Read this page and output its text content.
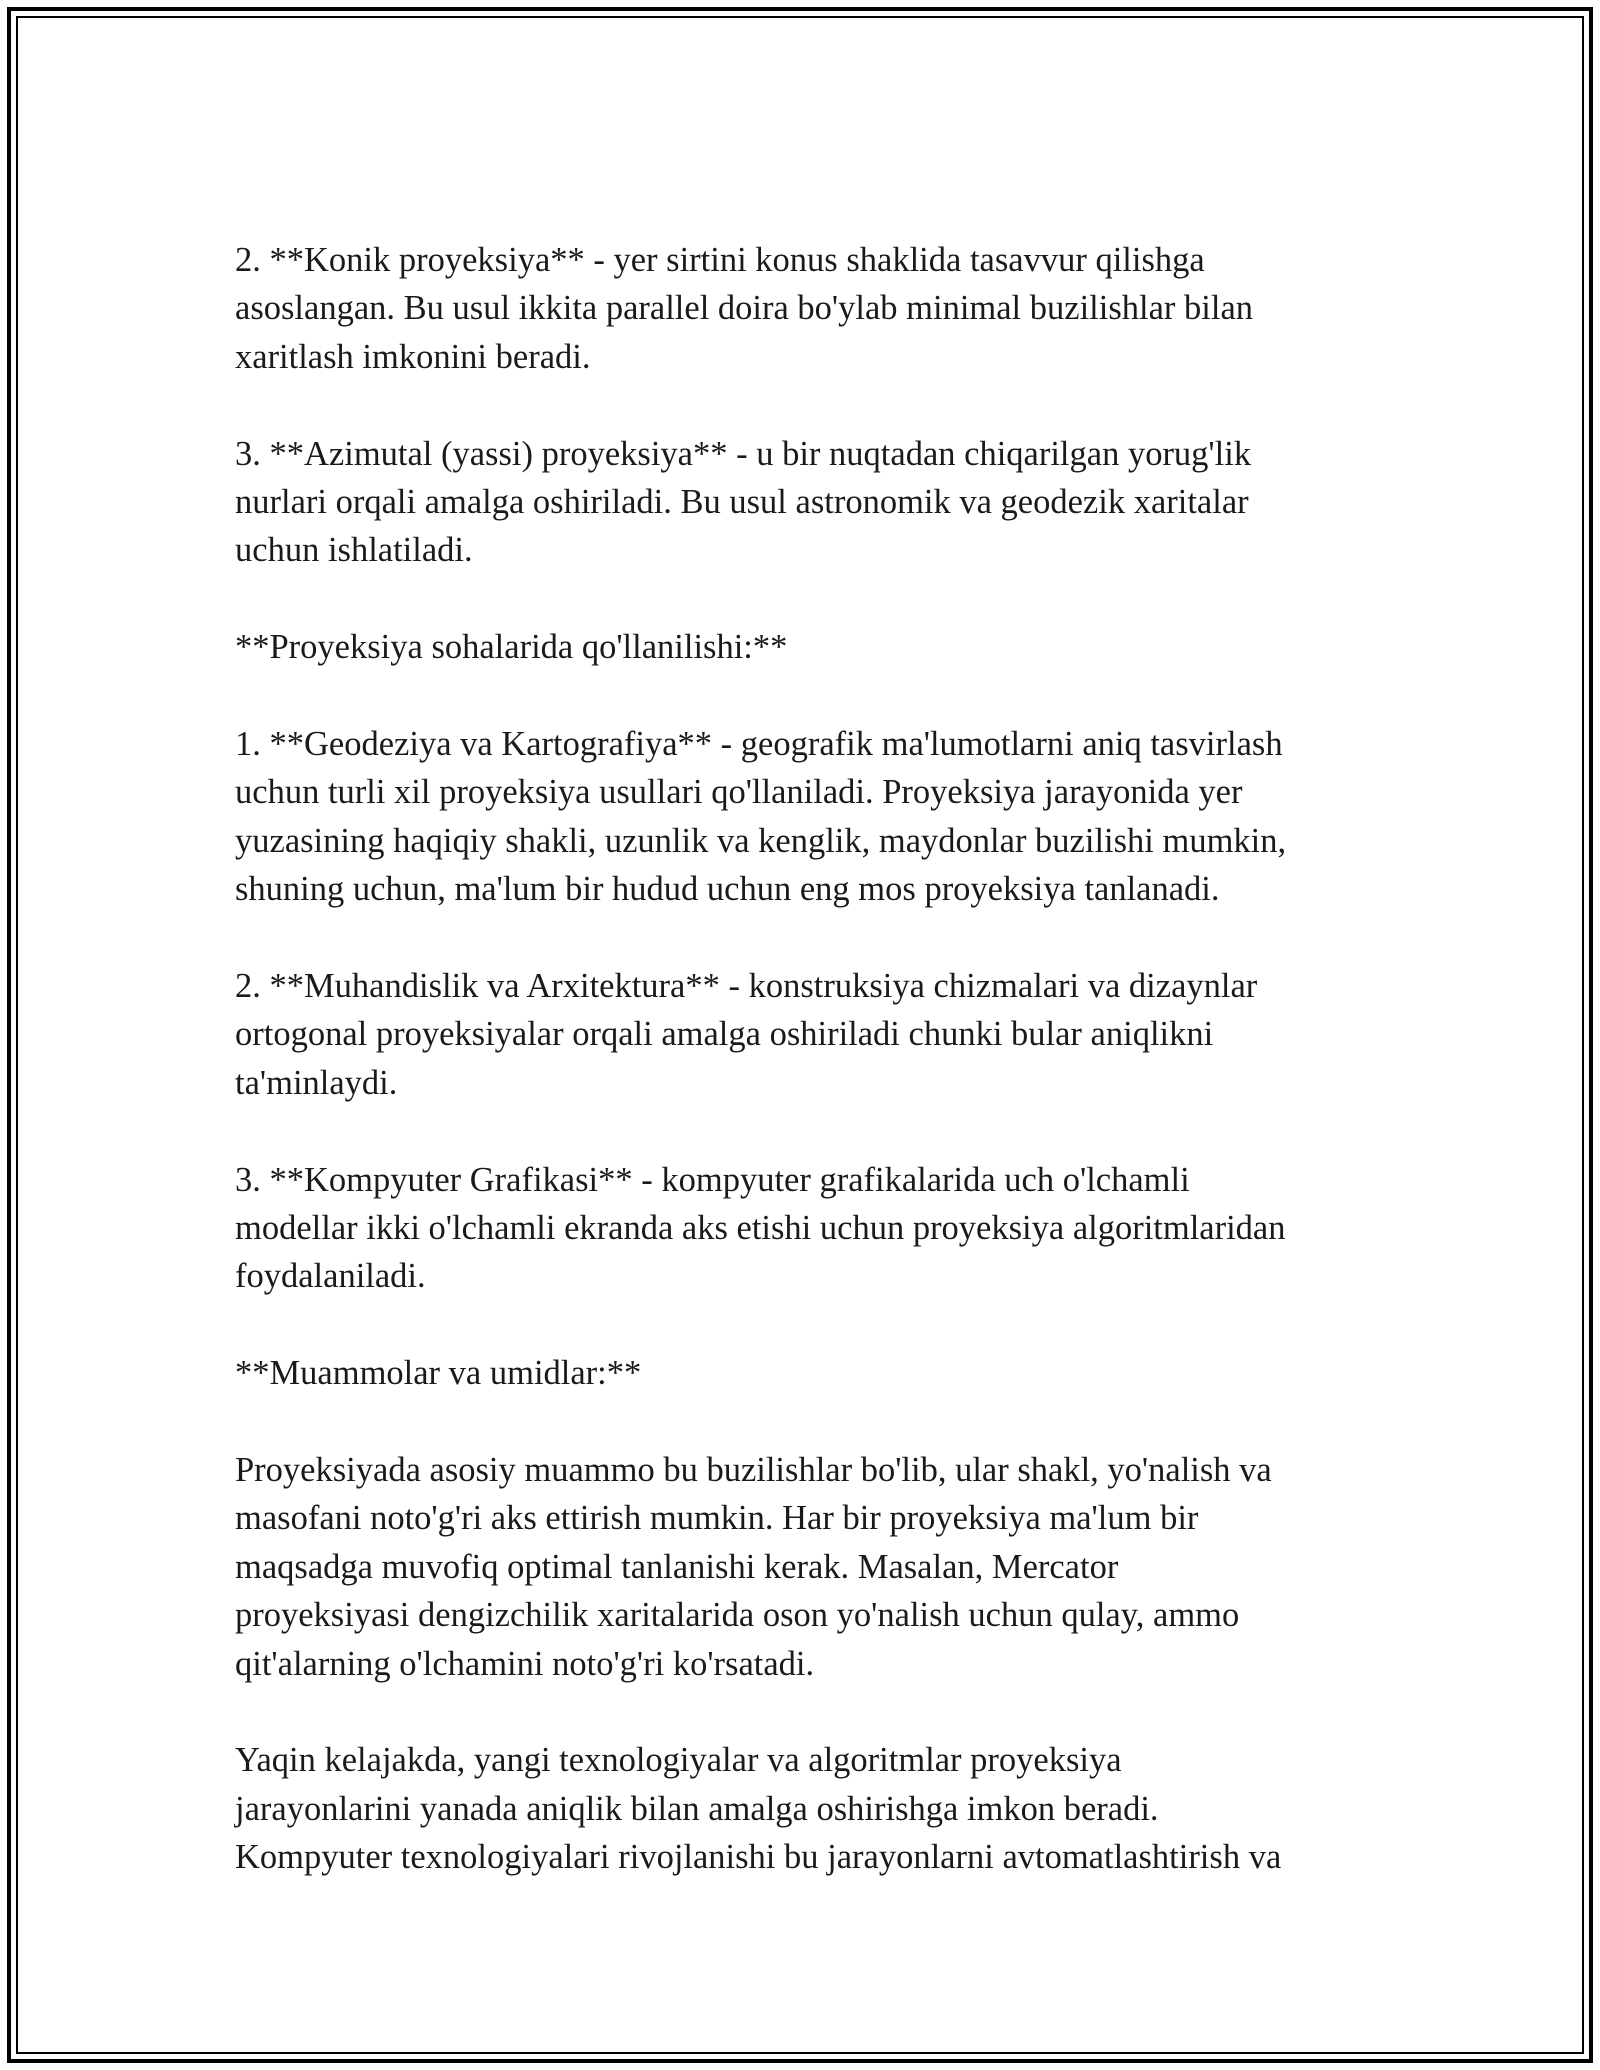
2. **Konik proyeksiya** - yer sirtini konus shaklida tasavvur qilishga
asoslangan. Bu usul ikkita parallel doira bo'ylab minimal buzilishlar bilan
xaritlash imkonini beradi.

3. **Azimutal (yassi) proyeksiya** - u bir nuqtadan chiqarilgan yorug'lik
nurlari orqali amalga oshiriladi. Bu usul astronomik va geodezik xaritalar
uchun ishlatiladi.

**Proyeksiya sohalarida qo'llanilishi:**

1. **Geodeziya va Kartografiya** - geografik ma'lumotlarni aniq tasvirlash
uchun turli xil proyeksiya usullari qo'llaniladi. Proyeksiya jarayonida yer
yuzasining haqiqiy shakli, uzunlik va kenglik, maydonlar buzilishi mumkin,
shuning uchun, ma'lum bir hudud uchun eng mos proyeksiya tanlanadi.

2. **Muhandislik va Arxitektura** - konstruksiya chizmalari va dizaynlar
ortogonal proyeksiyalar orqali amalga oshiriladi chunki bular aniqlikni
ta'minlaydi.

3. **Kompyuter Grafikasi** - kompyuter grafikalarida uch o'lchamli
modellar ikki o'lchamli ekranda aks etishi uchun proyeksiya algoritmlaridan
foydalaniladi.

**Muammolar va umidlar:**

Proyeksiyada asosiy muammo bu buzilishlar bo'lib, ular shakl, yo'nalish va
masofani noto'g'ri aks ettirish mumkin. Har bir proyeksiya ma'lum bir
maqsadga muvofiq optimal tanlanishi kerak. Masalan, Mercator
proyeksiyasi dengizchilik xaritalarida oson yo'nalish uchun qulay, ammo
qit'alarning o'lchamini noto'g'ri ko'rsatadi.

Yaqin kelajakda, yangi texnologiyalar va algoritmlar proyeksiya
jarayonlarini yanada aniqlik bilan amalga oshirishga imkon beradi.
Kompyuter texnologiyalari rivojlanishi bu jarayonlarni avtomatlashtirish va
